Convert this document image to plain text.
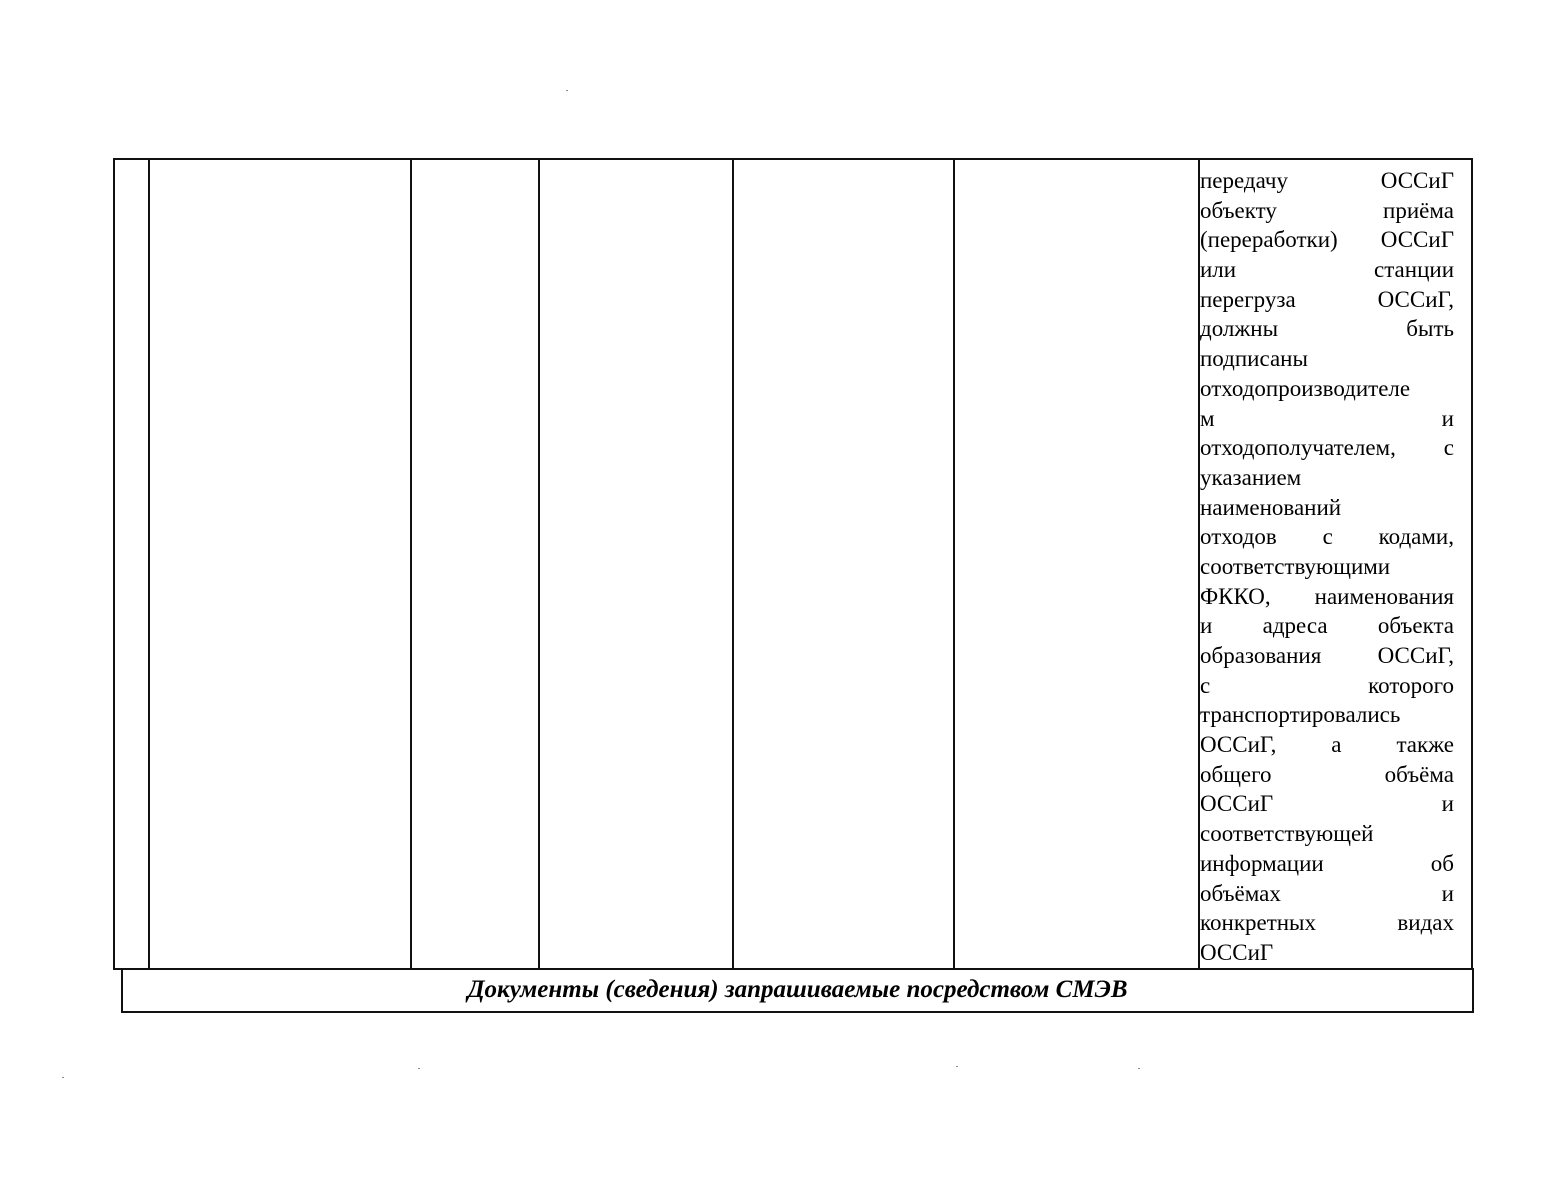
передачу ОССиГ
объекту приёма
(переработки) ОССиГ
или станции
перегруза ОССиГ,
должны быть
подписаны
отходопроизводителе
м и
отходополучателем, с
указанием
наименований
отходов с кодами,
соответствующими
ФККО, наименования
и адреса объекта
образования ОССиГ,
с которого
транспортировались
ОССиГ, а также
общего объёма
ОССиГ и
соответствующей
информации об
объёмах и
конкретных видах
ОССиГ
Документы (сведения) запрашиваемые посредством СМЭВ
